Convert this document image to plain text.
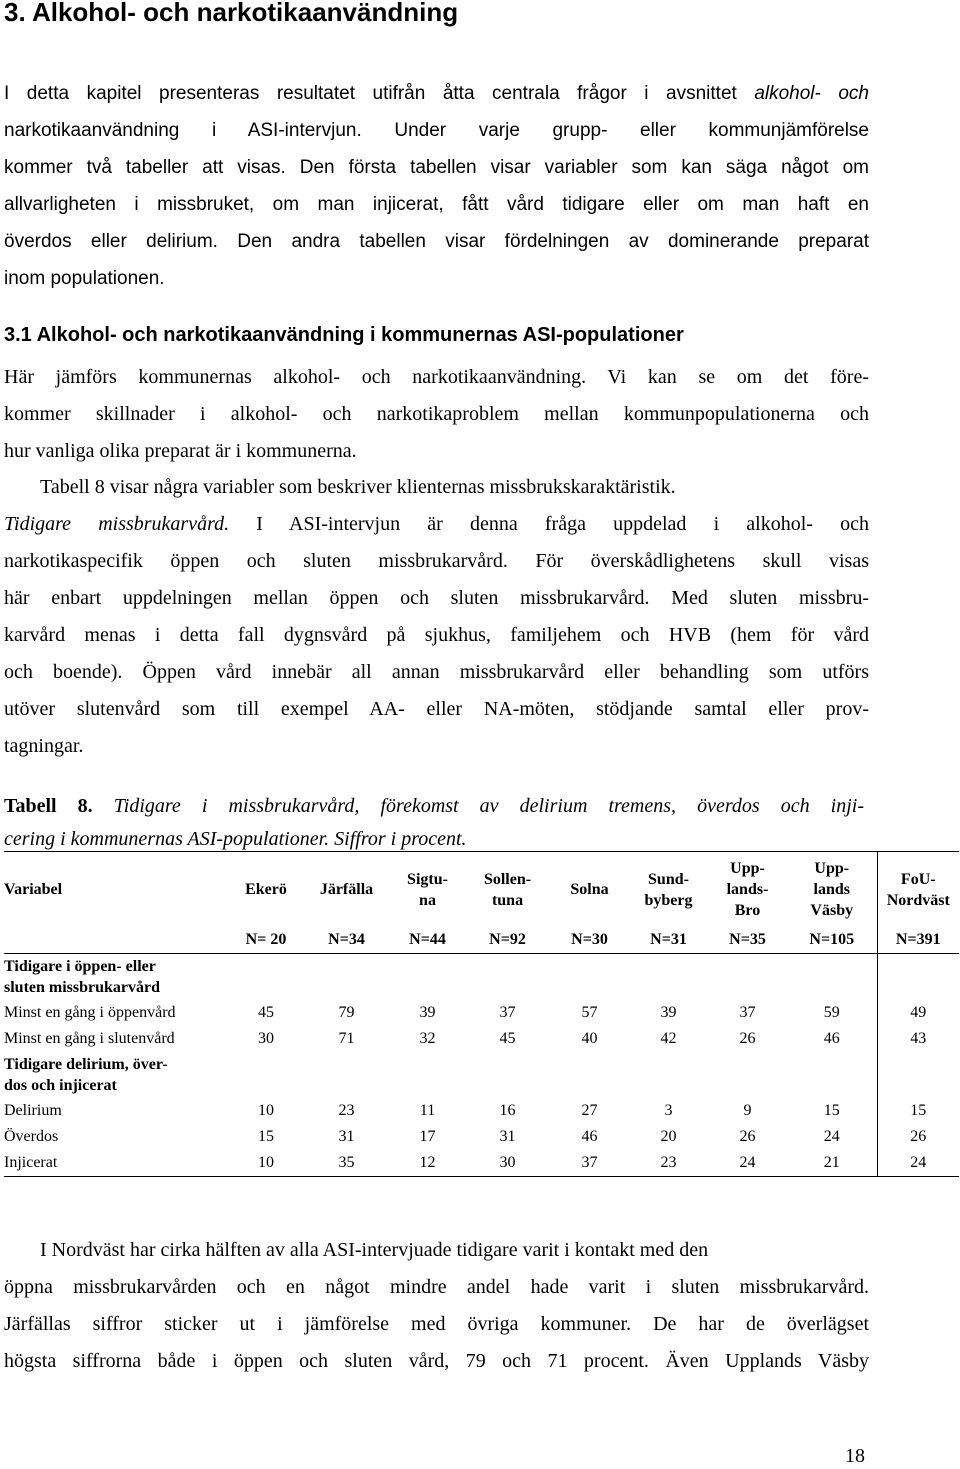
3. Alkohol- och narkotikaanvändning
I detta kapitel presenteras resultatet utifrån åtta centrala frågor i avsnittet alkohol- och
narkotikaanvändning i ASI-intervjun. Under varje grupp- eller kommunjämförelse
kommer två tabeller att visas. Den första tabellen visar variabler som kan säga något om
allvarligheten i missbruket, om man injicerat, fått vård tidigare eller om man haft en
överdos eller delirium. Den andra tabellen visar fördelningen av dominerande preparat
inom populationen.
3.1 Alkohol- och narkotikaanvändning i kommunernas ASI-populationer
Här jämförs kommunernas alkohol- och narkotikaanvändning. Vi kan se om det före-
kommer skillnader i alkohol- och narkotikaproblem mellan kommunpopulationerna och
hur vanliga olika preparat är i kommunerna.
Tabell 8 visar några variabler som beskriver klienternas missbrukskaraktäristik.
Tidigare missbrukarvård. I ASI-intervjun är denna fråga uppdelad i alkohol- och
narkotikaspecifik öppen och sluten missbrukarvård. För överskådlighetens skull visas
här enbart uppdelningen mellan öppen och sluten missbrukarvård. Med sluten missbru-
karvård menas i detta fall dygnsvård på sjukhus, familjehem och HVB (hem för vård
och boende). Öppen vård innebär all annan missbrukarvård eller behandling som utförs
utöver slutenvård som till exempel AA- eller NA-möten, stödjande samtal eller prov-
tagningar.
Tabell 8. Tidigare i missbrukarvård, förekomst av delirium tremens, överdos och inji-
cering i kommunernas ASI-populationer. Siffror i procent.
Variabel	Ekerö	Järfälla	Sigtu-
na	Sollen-
tuna	Solna	Sund-
byberg	Upp-
lands-
Bro	Upp-
lands
Väsby	FoU-
Nordväst
	N= 20	N=34	N=44	N=92	N=30	N=31	N=35	N=105	N=391
Tidigare i öppen- eller
sluten missbrukarvård									
Minst en gång i öppenvård	45	79	39	37	57	39	37	59	49
Minst en gång i slutenvård	30	71	32	45	40	42	26	46	43
Tidigare delirium, över-
dos och injicerat									
Delirium	10	23	11	16	27	3	9	15	15
Överdos	15	31	17	31	46	20	26	24	26
Injicerat	10	35	12	30	37	23	24	21	24
I Nordväst har cirka hälften av alla ASI-intervjuade tidigare varit i kontakt med den
öppna missbrukarvården och en något mindre andel hade varit i sluten missbrukarvård.
Järfällas siffror sticker ut i jämförelse med övriga kommuner. De har de överlägset
högsta siffrorna både i öppen och sluten vård, 79 och 71 procent. Även Upplands Väsby
18
